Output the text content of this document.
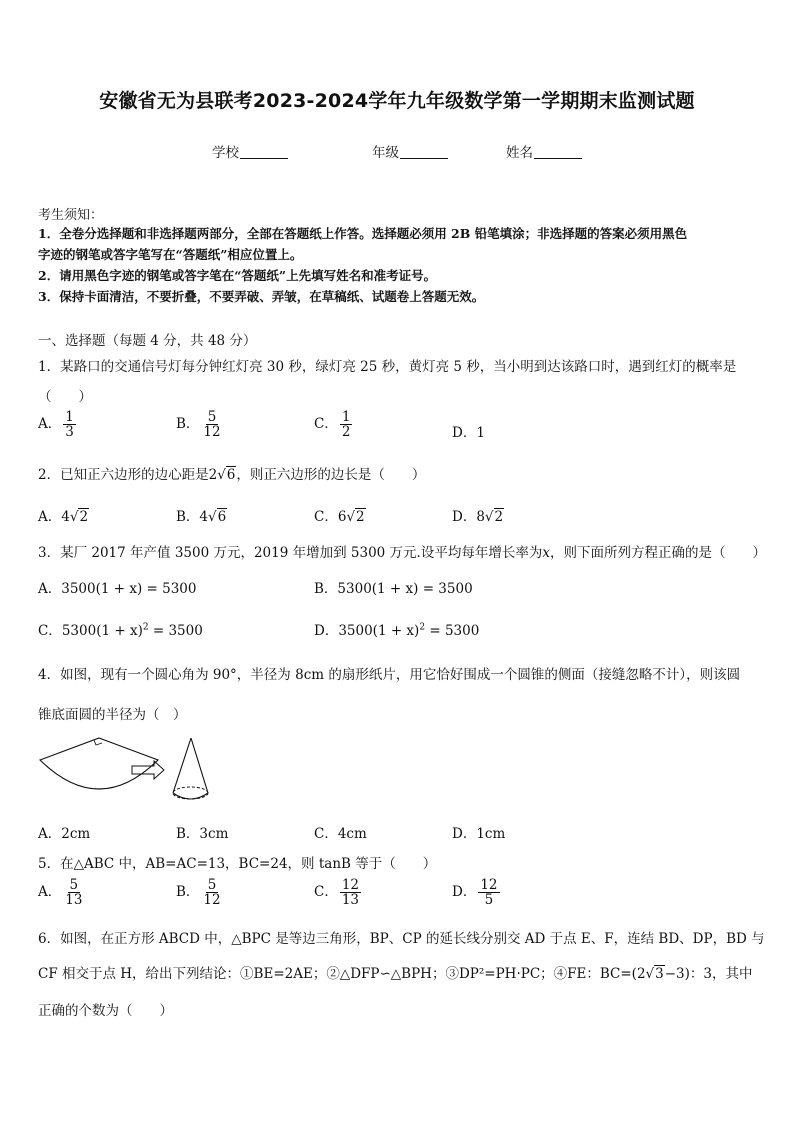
安徽省无为县联考2023-2024学年九年级数学第一学期期末监测试题
学校	年级	姓名
考生须知：
1．全卷分选择题和非选择题两部分，全部在答题纸上作答。选择题必须用 2B 铅笔填涂；非选择题的答案必须用黑色
字迹的钢笔或答字笔写在“答题纸”相应位置上。
2．请用黑色字迹的钢笔或答字笔在“答题纸”上先填写姓名和准考证号。
3．保持卡面清洁，不要折叠，不要弄破、弄皱，在草稿纸、试题卷上答题无效。
一、选择题（每题 4 分，共 48 分）
1．某路口的交通信号灯每分钟红灯亮 30 秒，绿灯亮 25 秒，黄灯亮 5 秒，当小明到达该路口时，遇到红灯的概率是
（　　）
A． $\frac{1}{3}$	B． $\frac{5}{12}$	C． $\frac{1}{2}$	D．1
2．已知正六边形的边心距是2√6，则正六边形的边长是（　　）
A．4√2	B．4√6	C．6√2	D．8√2
3．某厂 2017 年产值 3500 万元，2019 年增加到 5300 万元.设平均每年增长率为x，则下面所列方程正确的是（　　）
A．3500(1 + x) = 5300	B．5300(1 + x) = 3500
C．$5300(1 + x)^2 = 3500$	D．$3500(1 + x)^2 = 5300$
4．如图，现有一个圆心角为 90°，半径为 8cm 的扇形纸片，用它恰好围成一个圆锥的侧面（接缝忽略不计），则该圆
锥底面圆的半径为（　）
A．2cm	B．3cm	C．4cm	D．1cm
5．在△ABC 中，AB=AC=13，BC=24，则 tanB 等于（　　）
A． $\frac{5}{13}$	B． $\frac{5}{12}$	C． $\frac{12}{13}$	D． $\frac{12}{5}$
6．如图，在正方形 ABCD 中，△BPC 是等边三角形，BP、CP 的延长线分别交 AD 于点 E、F，连结 BD、DP，BD 与
CF 相交于点 H，给出下列结论：①BE=2AE；②△DFP∽△BPH；③DP²=PH·PC；④FE：BC=(2√3−3)：3，其中
正确的个数为（　　）
